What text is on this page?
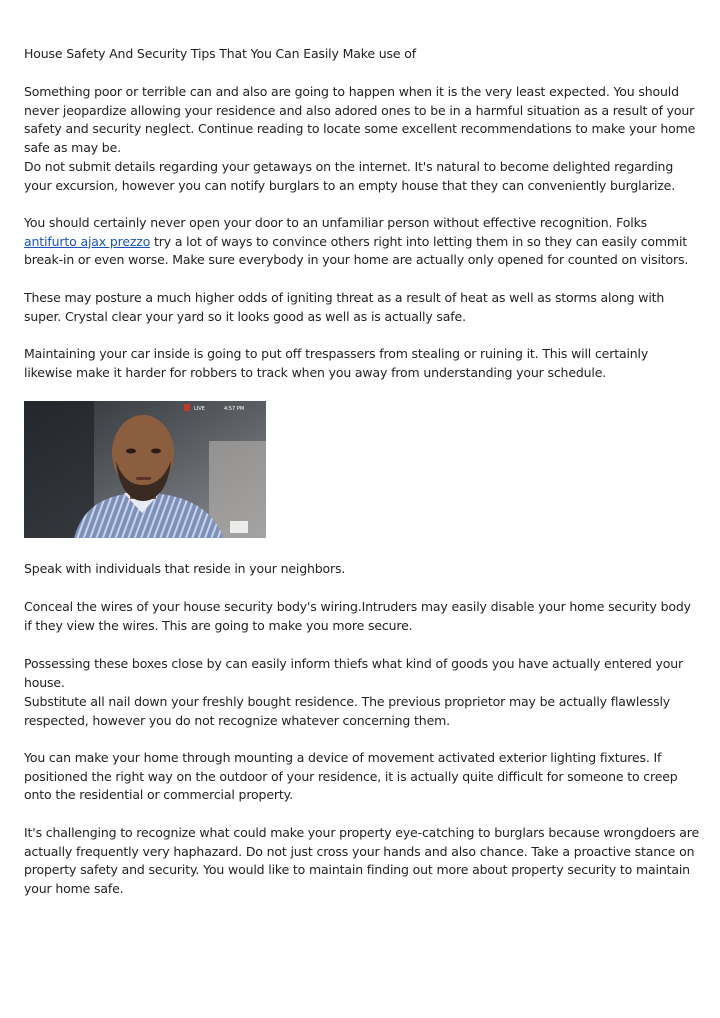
House Safety And Security Tips That You Can Easily Make use of

Something poor or terrible can and also are going to happen when it is the very least expected. You should never jeopardize allowing your residence and also adored ones to be in a harmful situation as a result of your safety and security neglect. Continue reading to locate some excellent recommendations to make your home safe as may be.

Do not submit details regarding your getaways on the internet. It's natural to become delighted regarding your excursion, however you can notify burglars to an empty house that they can conveniently burglarize.

You should certainly never open your door to an unfamiliar person without effective recognition. Folks antifurto ajax prezzo try a lot of ways to convince others right into letting them in so they can easily commit break-in or even worse. Make sure everybody in your home are actually only opened for counted on visitors.

These may posture a much higher odds of igniting threat as a result of heat as well as storms along with super. Crystal clear your yard so it looks good as well as is actually safe.

Maintaining your car inside is going to put off trespassers from stealing or ruining it. This will certainly likewise make it harder for robbers to track when you away from understanding your schedule.

LIVE	4:57 PM

Speak with individuals that reside in your neighbors.

Conceal the wires of your house security body's wiring.Intruders may easily disable your home security body if they view the wires. This are going to make you more secure.

Possessing these boxes close by can easily inform thiefs what kind of goods you have actually entered your house.

Substitute all nail down your freshly bought residence. The previous proprietor may be actually flawlessly respected, however you do not recognize whatever concerning them.

You can make your home through mounting a device of movement activated exterior lighting fixtures. If positioned the right way on the outdoor of your residence, it is actually quite difficult for someone to creep onto the residential or commercial property.

It's challenging to recognize what could make your property eye-catching to burglars because wrongdoers are actually frequently very haphazard. Do not just cross your hands and also chance. Take a proactive stance on property safety and security. You would like to maintain finding out more about property security to maintain your home safe.
